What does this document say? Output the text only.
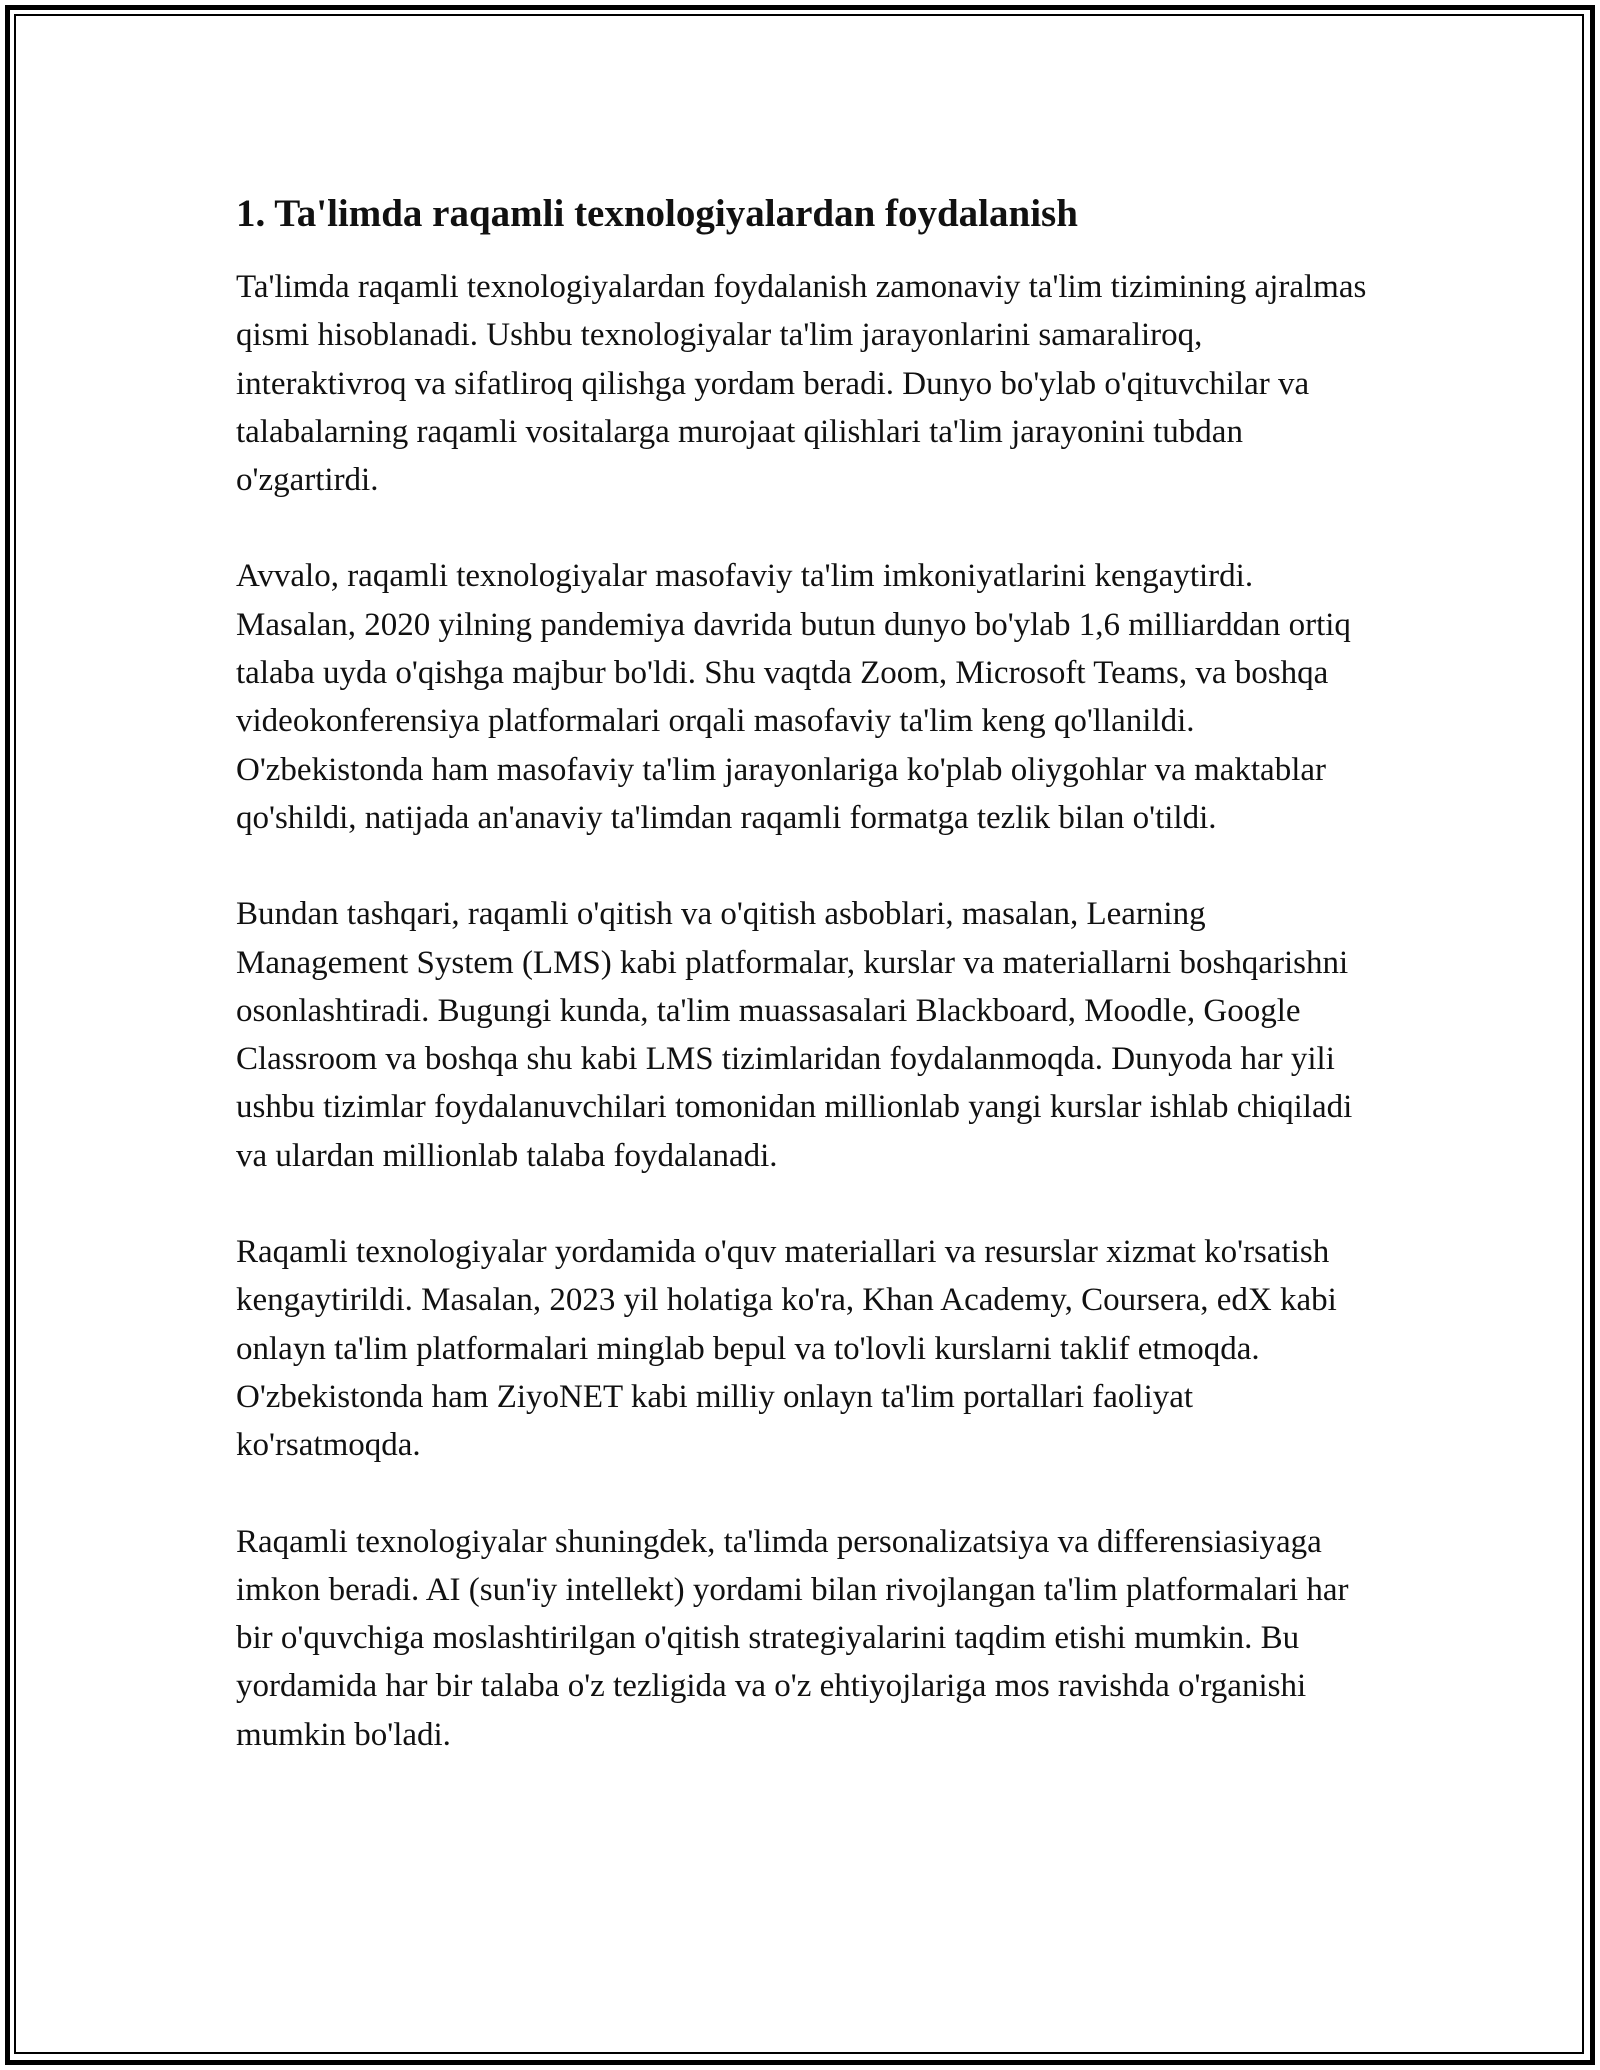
1. Ta'limda raqamli texnologiyalardan foydalanish

Ta'limda raqamli texnologiyalardan foydalanish zamonaviy ta'lim tizimining ajralmas qismi hisoblanadi. Ushbu texnologiyalar ta'lim jarayonlarini samaraliroq, interaktivroq va sifatliroq qilishga yordam beradi. Dunyo bo'ylab o'qituvchilar va talabalarning raqamli vositalarga murojaat qilishlari ta'lim jarayonini tubdan o'zgartirdi.

Avvalo, raqamli texnologiyalar masofaviy ta'lim imkoniyatlarini kengaytirdi. Masalan, 2020 yilning pandemiya davrida butun dunyo bo'ylab 1,6 milliarddan ortiq talaba uyda o'qishga majbur bo'ldi. Shu vaqtda Zoom, Microsoft Teams, va boshqa videokonferensiya platformalari orqali masofaviy ta'lim keng qo'llanildi. O'zbekistonda ham masofaviy ta'lim jarayonlariga ko'plab oliygohlar va maktablar qo'shildi, natijada an'anaviy ta'limdan raqamli formatga tezlik bilan o'tildi.

Bundan tashqari, raqamli o'qitish va o'qitish asboblari, masalan, Learning Management System (LMS) kabi platformalar, kurslar va materiallarni boshqarishni osonlashtiradi. Bugungi kunda, ta'lim muassasalari Blackboard, Moodle, Google Classroom va boshqa shu kabi LMS tizimlaridan foydalanmoqda. Dunyoda har yili ushbu tizimlar foydalanuvchilari tomonidan millionlab yangi kurslar ishlab chiqiladi va ulardan millionlab talaba foydalanadi.

Raqamli texnologiyalar yordamida o'quv materiallari va resurslar xizmat ko'rsatish kengaytirildi. Masalan, 2023 yil holatiga ko'ra, Khan Academy, Coursera, edX kabi onlayn ta'lim platformalari minglab bepul va to'lovli kurslarni taklif etmoqda. O'zbekistonda ham ZiyoNET kabi milliy onlayn ta'lim portallari faoliyat ko'rsatmoqda.

Raqamli texnologiyalar shuningdek, ta'limda personalizatsiya va differensiasiyaga imkon beradi. AI (sun'iy intellekt) yordami bilan rivojlangan ta'lim platformalari har bir o'quvchiga moslashtirilgan o'qitish strategiyalarini taqdim etishi mumkin. Bu yordamida har bir talaba o'z tezligida va o'z ehtiyojlariga mos ravishda o'rganishi mumkin bo'ladi.
